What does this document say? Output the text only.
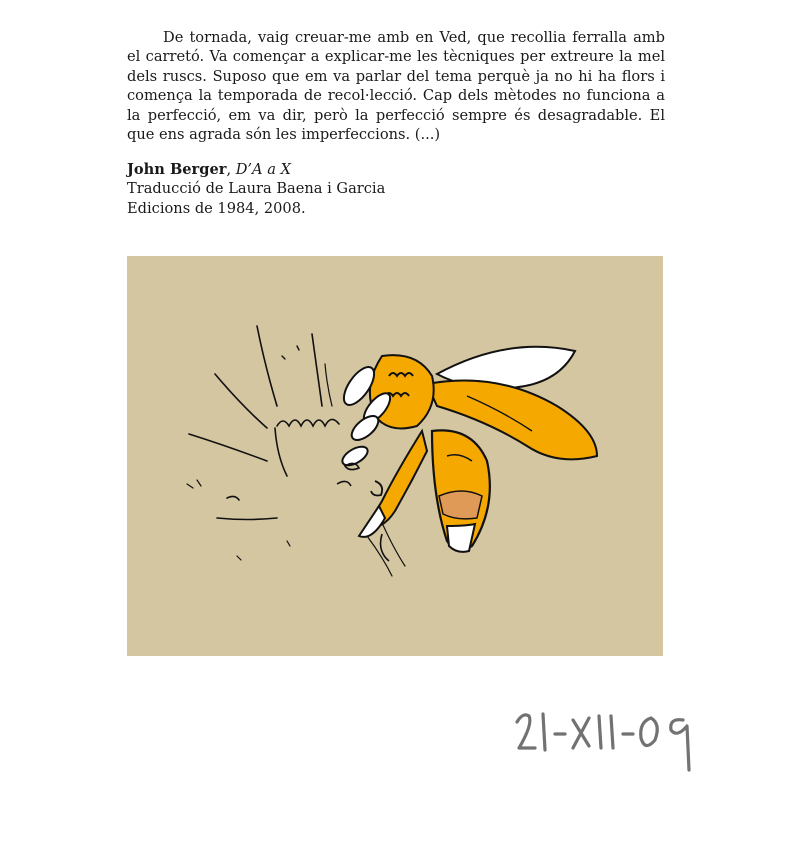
De tornada, vaig creuar-me amb en Ved, que recollia ferralla amb el carretó. Va començar a explicar-me les tècniques per extreure la mel dels ruscs. Suposo que em va parlar del tema perquè ja no hi ha flors i comença la temporada de recol·lecció. Cap dels mètodes no funciona a la perfecció, em va dir, però la perfecció sempre és desagradable. El que ens agrada són les imperfeccions. (...)

John Berger, D’A a X
Traducció de Laura Baena i Garcia
Edicions de 1984, 2008.
21-XII-09
